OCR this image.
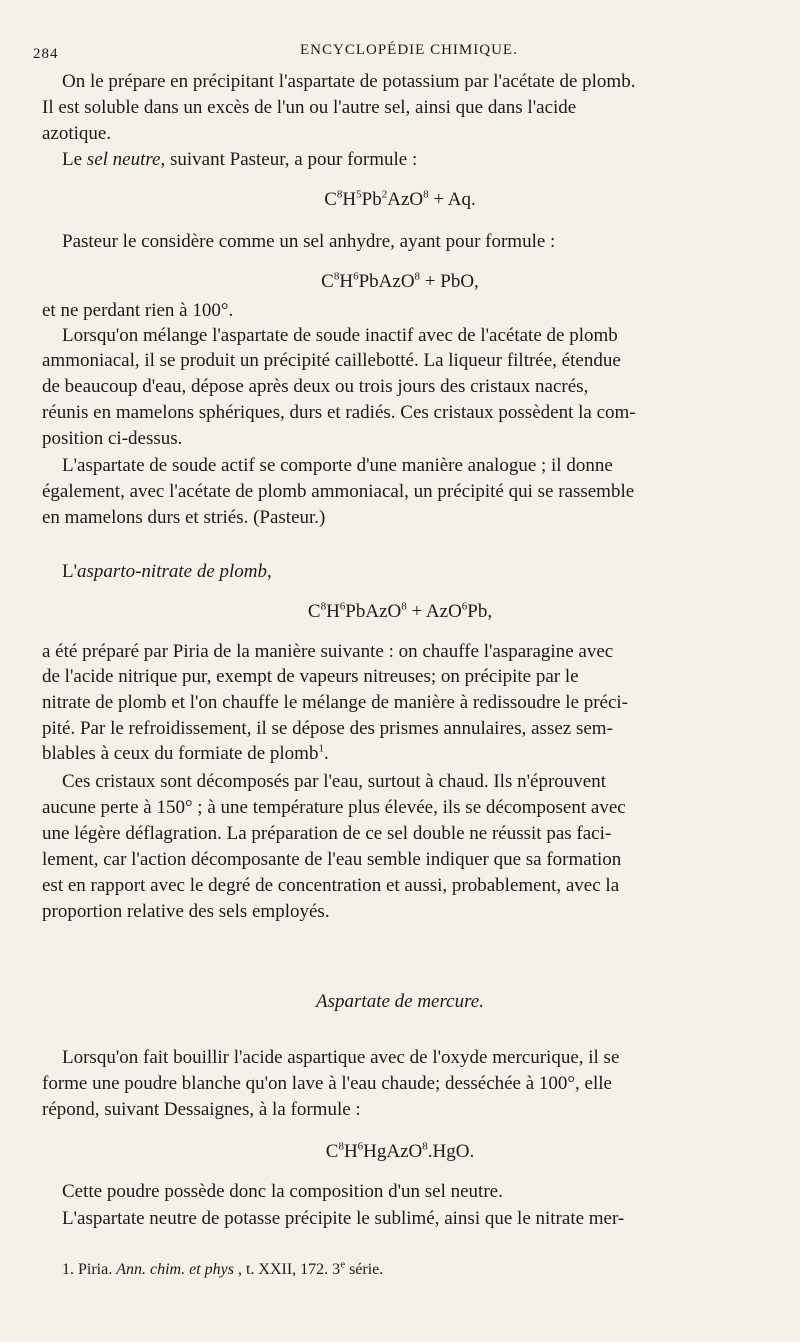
284	ENCYCLOPÉDIE CHIMIQUE.
On le prépare en précipitant l'aspartate de potassium par l'acétate de plomb.
Il est soluble dans un excès de l'un ou l'autre sel, ainsi que dans l'acide
azotique.
Le sel neutre, suivant Pasteur, a pour formule :
$C^8H^5Pb^2AzO^8 + Aq$.
Pasteur le considère comme un sel anhydre, ayant pour formule :
$C^8H^6PbAzO^8$ + PbO,
et ne perdant rien à 100°.
Lorsqu'on mélange l'aspartate de soude inactif avec de l'acétate de plomb
ammoniacal, il se produit un précipité caillebotté. La liqueur filtrée, étendue
de beaucoup d'eau, dépose après deux ou trois jours des cristaux nacrés,
réunis en mamelons sphériques, durs et radiés. Ces cristaux possèdent la com-
position ci-dessus.
L'aspartate de soude actif se comporte d'une manière analogue ; il donne
également, avec l'acétate de plomb ammoniacal, un précipité qui se rassemble
en mamelons durs et striés. (Pasteur.)
L'asparto-nitrate de plomb,
$C^8H^6PbAzO^8 + AzO^6Pb$,
a été préparé par Piria de la manière suivante : on chauffe l'asparagine avec
de l'acide nitrique pur, exempt de vapeurs nitreuses; on précipite par le
nitrate de plomb et l'on chauffe le mélange de manière à redissoudre le préci-
pité. Par le refroidissement, il se dépose des prismes annulaires, assez sem-
blables à ceux du formiate de plomb$^1$.
Ces cristaux sont décomposés par l'eau, surtout à chaud. Ils n'éprouvent
aucune perte à 150° ; à une température plus élevée, ils se décomposent avec
une légère déflagration. La préparation de ce sel double ne réussit pas faci-
lement, car l'action décomposante de l'eau semble indiquer que sa formation
est en rapport avec le degré de concentration et aussi, probablement, avec la
proportion relative des sels employés.
Aspartate de mercure.
Lorsqu'on fait bouillir l'acide aspartique avec de l'oxyde mercurique, il se
forme une poudre blanche qu'on lave à l'eau chaude; desséchée à 100°, elle
répond, suivant Dessaignes, à la formule :
$C^8H^6HgAzO^8.HgO$.
Cette poudre possède donc la composition d'un sel neutre.
L'aspartate neutre de potasse précipite le sublimé, ainsi que le nitrate mer-
1. Piria. Ann. chim. et phys , t. XXII, 172. 3e série.
